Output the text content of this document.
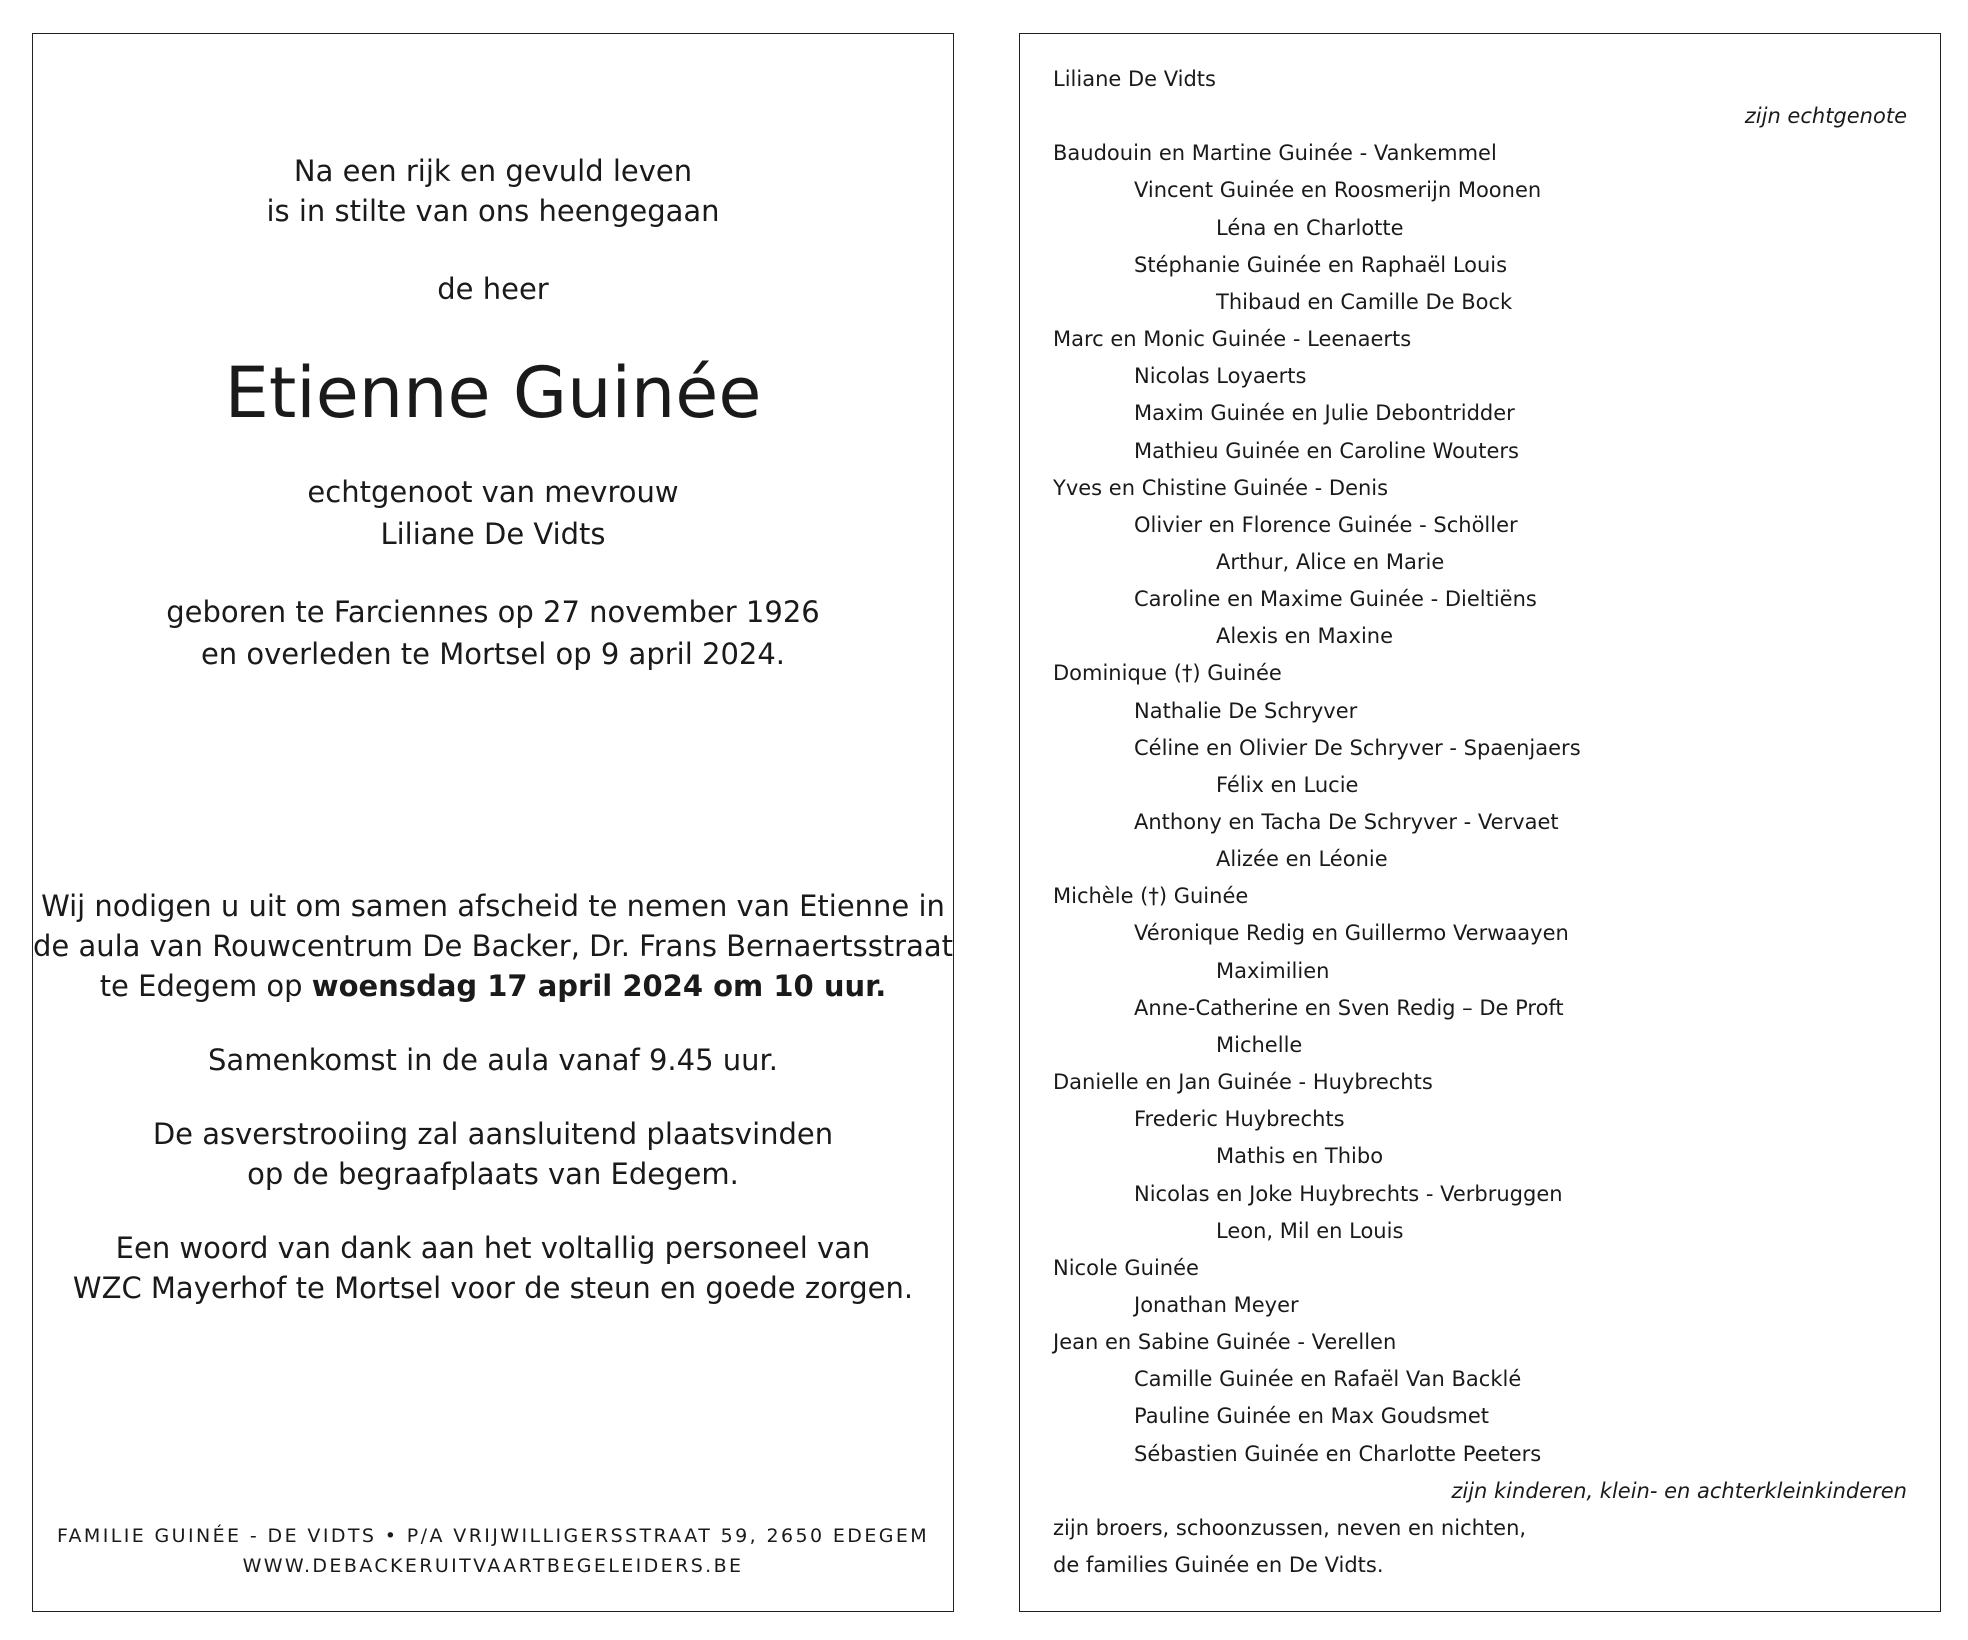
Na een rijk en gevuld leven

is in stilte van ons heengegaan

de heer

Etienne Guinée

echtgenoot van mevrouw

Liliane De Vidts

geboren te Farciennes op 27 november 1926

en overleden te Mortsel op 9 april 2024.

Wij nodigen u uit om samen afscheid te nemen van Etienne in

de aula van Rouwcentrum De Backer, Dr. Frans Bernaertsstraat

te Edegem op woensdag 17 april 2024 om 10 uur.

Samenkomst in de aula vanaf 9.45 uur.

De asverstrooiing zal aansluitend plaatsvinden

op de begraafplaats van Edegem.

Een woord van dank aan het voltallig personeel van

WZC Mayerhof te Mortsel voor de steun en goede zorgen.

FAMILIE GUINÉE - DE VIDTS • P/A VRIJWILLIGERSSTRAAT 59, 2650 EDEGEM

WWW.DEBACKERUITVAARTBEGELEIDERS.BE

Liliane De Vidts
zijn echtgenote
Baudouin en Martine Guinée - Vankemmel
Vincent Guinée en Roosmerijn Moonen
Léna en Charlotte
Stéphanie Guinée en Raphaël Louis
Thibaud en Camille De Bock
Marc en Monic Guinée - Leenaerts
Nicolas Loyaerts
Maxim Guinée en Julie Debontridder
Mathieu Guinée en Caroline Wouters
Yves en Chistine Guinée - Denis
Olivier en Florence Guinée - Schöller
Arthur, Alice en Marie
Caroline en Maxime Guinée - Dieltiëns
Alexis en Maxine
Dominique (†) Guinée
Nathalie De Schryver
Céline en Olivier De Schryver - Spaenjaers
Félix en Lucie
Anthony en Tacha De Schryver - Vervaet
Alizée en Léonie
Michèle (†) Guinée
Véronique Redig en Guillermo Verwaayen
Maximilien
Anne-Catherine en Sven Redig – De Proft
Michelle
Danielle en Jan Guinée - Huybrechts
Frederic Huybrechts
Mathis en Thibo
Nicolas en Joke Huybrechts - Verbruggen
Leon, Mil en Louis
Nicole Guinée
Jonathan Meyer
Jean en Sabine Guinée - Verellen
Camille Guinée en Rafaël Van Backlé
Pauline Guinée en Max Goudsmet
Sébastien Guinée en Charlotte Peeters
zijn kinderen, klein- en achterkleinkinderen
zijn broers, schoonzussen, neven en nichten,
de families Guinée en De Vidts.
